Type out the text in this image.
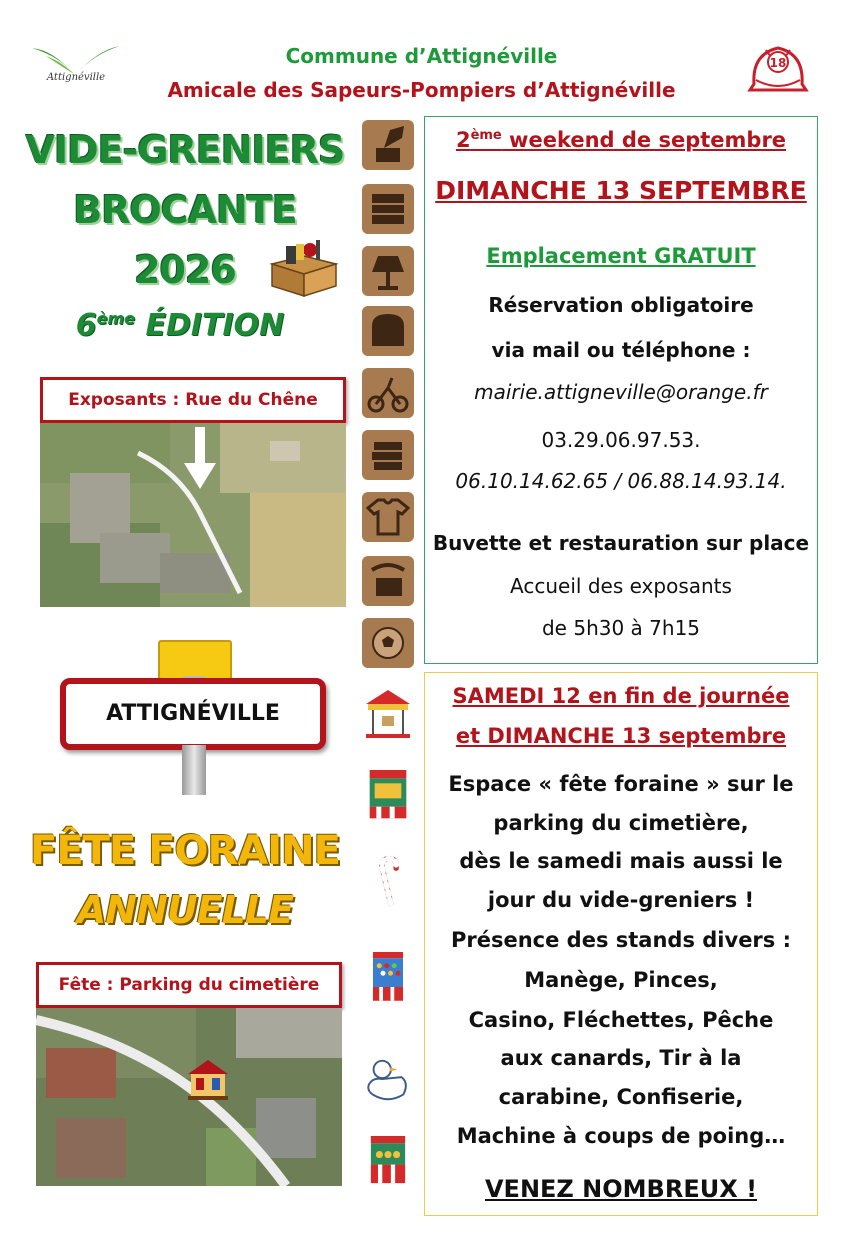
Attignéville
Commune d’Attignéville
Amicale des Sapeurs-Pompiers d’Attignéville
18
VIDE-GRENIERS
BROCANTE
2026
6ème ÉDITION
Exposants : Rue du Chêne
ATTIGNÉVILLE
FÊTE FORAINE
ANNUELLE
Fête : Parking du cimetière
2ème weekend de septembre
DIMANCHE 13 SEPTEMBRE
Emplacement GRATUIT
Réservation obligatoire
via mail ou téléphone :
mairie.attigneville@orange.fr
03.29.06.97.53.
06.10.14.62.65 / 06.88.14.93.14.
Buvette et restauration sur place
Accueil des exposants
de 5h30 à 7h15
SAMEDI 12 en fin de journée
et DIMANCHE 13 septembre
Espace « fête foraine » sur le
parking du cimetière,
dès le samedi mais aussi le
jour du vide-greniers !
Présence des stands divers :
Manège, Pinces,
Casino, Fléchettes, Pêche
aux canards, Tir à la
carabine, Confiserie,
Machine à coups de poing…
VENEZ NOMBREUX !
